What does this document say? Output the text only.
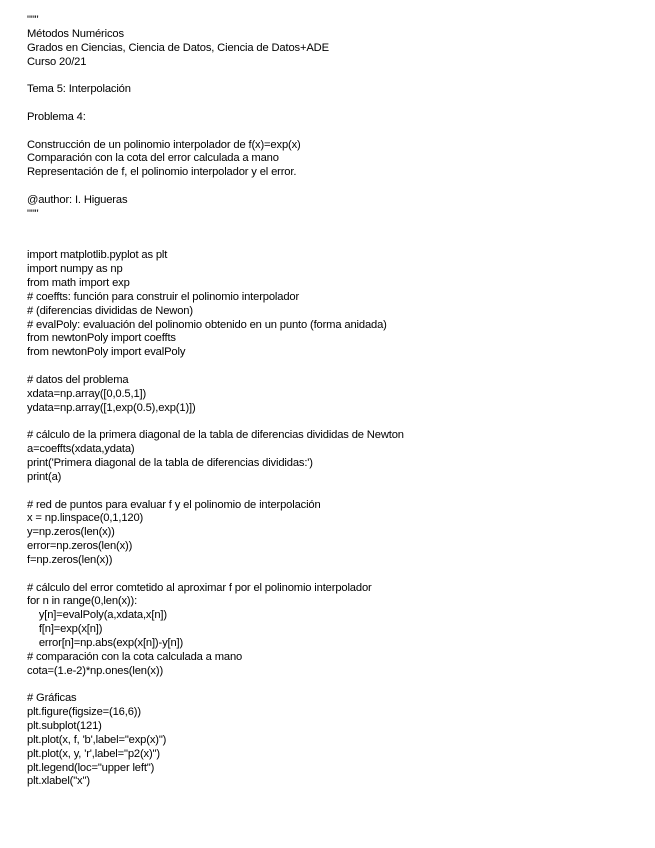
"""
Métodos Numéricos
Grados en Ciencias, Ciencia de Datos, Ciencia de Datos+ADE
Curso 20/21
Tema 5: Interpolación
Problema 4:
Construcción de un polinomio interpolador de f(x)=exp(x)
Comparación con la cota del error calculada a mano
Representación de f, el polinomio interpolador y el error.
@author: I. Higueras
"""
import matplotlib.pyplot as plt
import numpy as np
from math import exp
# coeffts: función para construir el polinomio interpolador
# (diferencias divididas de Newon)
# evalPoly: evaluación del polinomio obtenido en un punto (forma anidada)
from newtonPoly import coeffts
from newtonPoly import evalPoly
# datos del problema
xdata=np.array([0,0.5,1])
ydata=np.array([1,exp(0.5),exp(1)])
# cálculo de la primera diagonal de la tabla de diferencias divididas de Newton
a=coeffts(xdata,ydata)
print('Primera diagonal de la tabla de diferencias divididas:')
print(a)
# red de puntos para evaluar f y el polinomio de interpolación
x = np.linspace(0,1,120)
y=np.zeros(len(x))
error=np.zeros(len(x))
f=np.zeros(len(x))
# cálculo del error comtetido al aproximar f por el polinomio interpolador
for n in range(0,len(x)):
y[n]=evalPoly(a,xdata,x[n])
f[n]=exp(x[n])
error[n]=np.abs(exp(x[n])-y[n])
# comparación con la cota calculada a mano
cota=(1.e-2)*np.ones(len(x))
# Gráficas
plt.figure(figsize=(16,6))
plt.subplot(121)
plt.plot(x, f, 'b',label="exp(x)")
plt.plot(x, y, 'r',label="p2(x)")
plt.legend(loc="upper left")
plt.xlabel("x")
